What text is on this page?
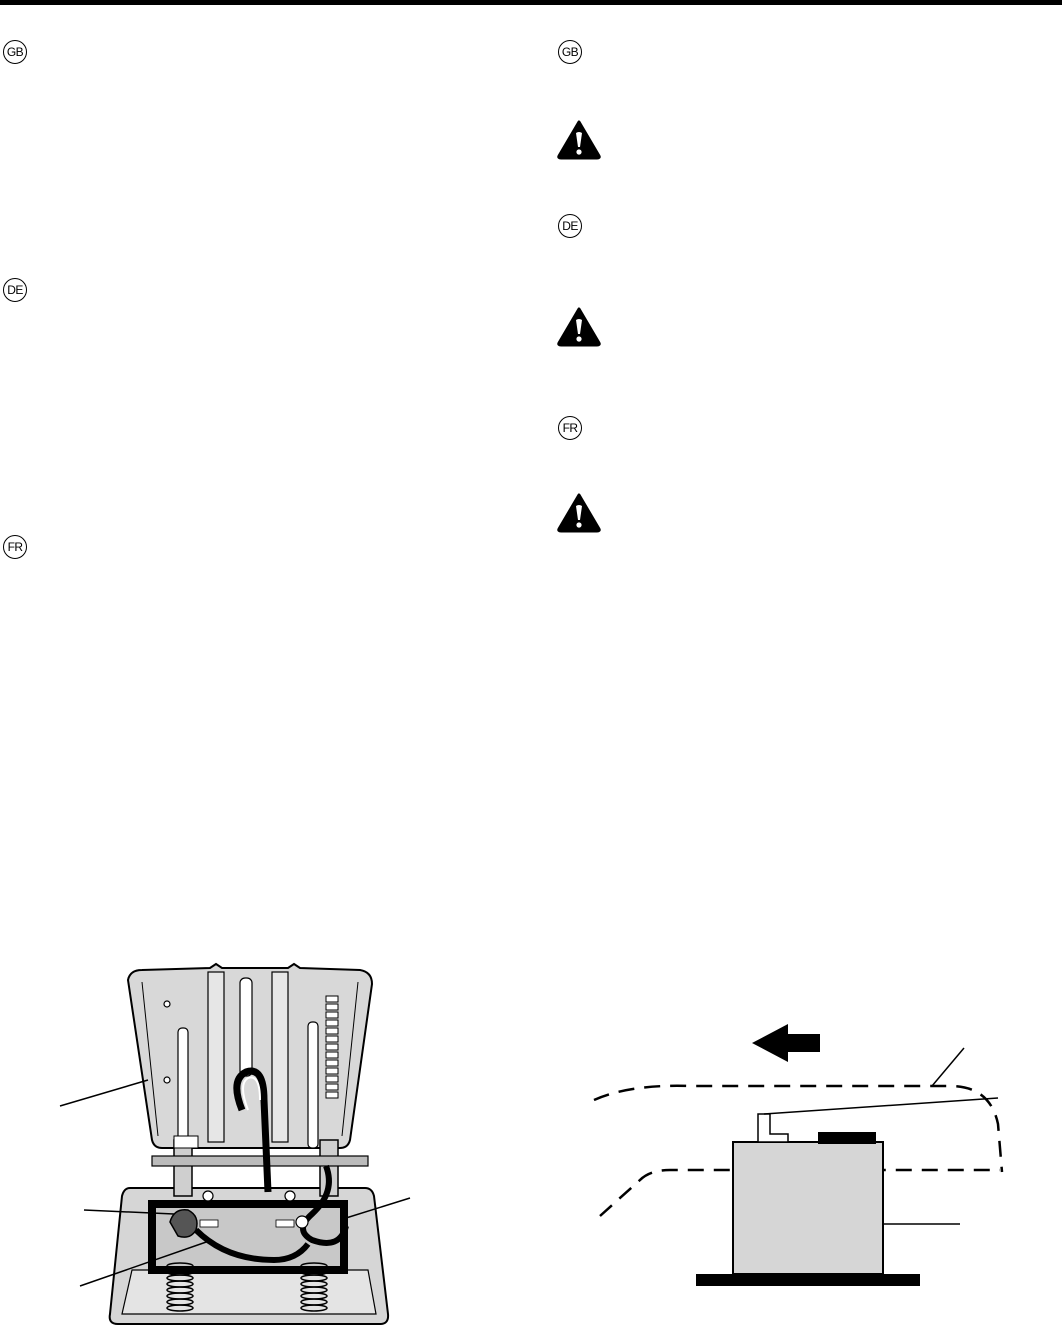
GB
DE
FR
GB
DE
FR
